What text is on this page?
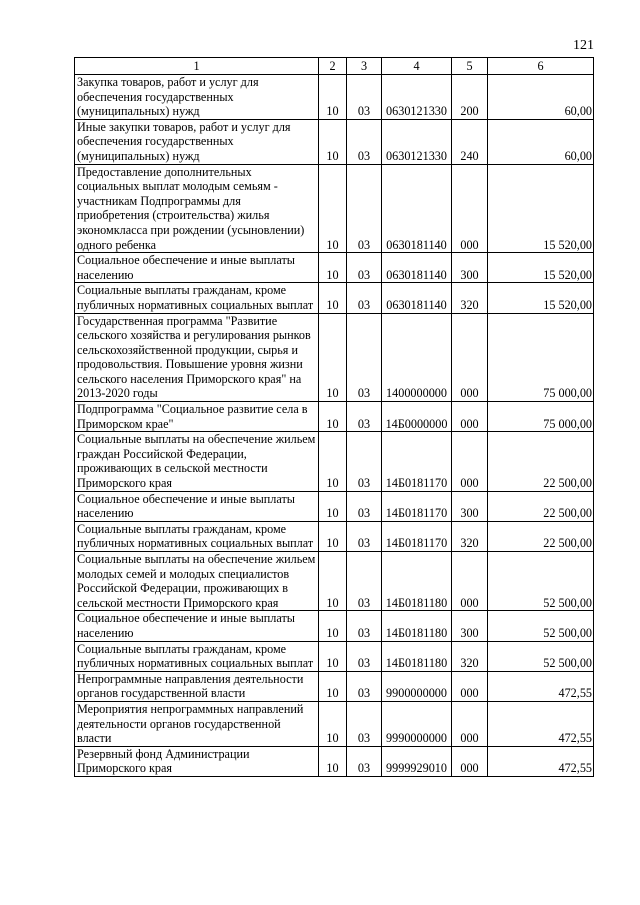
121
1	2	3	4	5	6
Закупка товаров, работ и услуг для обеспечения государственных (муниципальных) нужд	10	03	0630121330	200	60,00
Иные закупки товаров, работ и услуг для обеспечения государственных (муниципальных) нужд	10	03	0630121330	240	60,00
Предоставление дополнительных социальных выплат молодым семьям - участникам Подпрограммы для приобретения (строительства) жилья экономкласса при рождении (усыновлении) одного ребенка	10	03	0630181140	000	15 520,00
Социальное обеспечение и иные выплаты населению	10	03	0630181140	300	15 520,00
Социальные выплаты гражданам, кроме публичных нормативных социальных выплат	10	03	0630181140	320	15 520,00
Государственная программа "Развитие сельского хозяйства и регулирования рынков сельскохозяйственной продукции, сырья и продовольствия. Повышение уровня жизни сельского населения Приморского края" на 2013-2020 годы	10	03	1400000000	000	75 000,00
Подпрограмма "Социальное развитие села в Приморском крае"	10	03	14Б0000000	000	75 000,00
Социальные выплаты на обеспечение жильем граждан Российской Федерации, проживающих в сельской местности Приморского края	10	03	14Б0181170	000	22 500,00
Социальное обеспечение и иные выплаты населению	10	03	14Б0181170	300	22 500,00
Социальные выплаты гражданам, кроме публичных нормативных социальных выплат	10	03	14Б0181170	320	22 500,00
Социальные выплаты на обеспечение жильем молодых семей и молодых специалистов Российской Федерации, проживающих в сельской местности Приморского края	10	03	14Б0181180	000	52 500,00
Социальное обеспечение и иные выплаты населению	10	03	14Б0181180	300	52 500,00
Социальные выплаты гражданам, кроме публичных нормативных социальных выплат	10	03	14Б0181180	320	52 500,00
Непрограммные направления деятельности органов государственной власти	10	03	9900000000	000	472,55
Мероприятия непрограммных направлений деятельности органов государственной власти	10	03	9990000000	000	472,55
Резервный фонд Администрации Приморского края	10	03	9999929010	000	472,55
